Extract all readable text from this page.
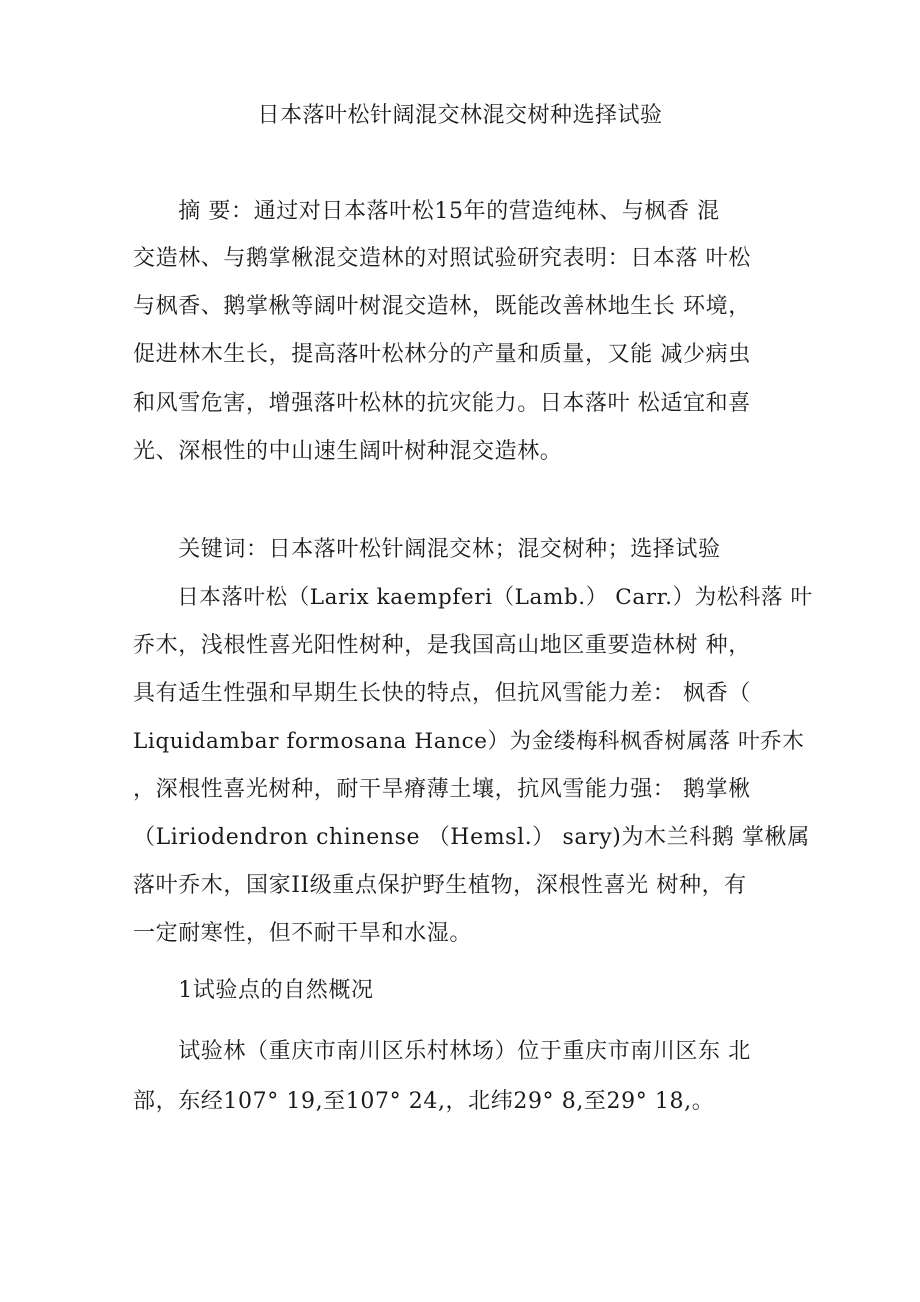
日本落叶松针阔混交林混交树种选择试验
　　摘 要：通过对日本落叶松15年的营造纯林、与枫香 混
交造林、与鹅掌楸混交造林的对照试验研究表明：日本落 叶松
与枫香、鹅掌楸等阔叶树混交造林，既能改善林地生长 环境，
促进林木生长，提高落叶松林分的产量和质量，又能 减少病虫
和风雪危害，增强落叶松林的抗灾能力。日本落叶 松适宜和喜
光、深根性的中山速生阔叶树种混交造林。
　　关键词：日本落叶松针阔混交林；混交树种；选择试验
　　日本落叶松（Larix kaempferi（Lamb.） Carr.）为松科落 叶
乔木，浅根性喜光阳性树种，是我国高山地区重要造林树 种，
具有适生性强和早期生长快的特点，但抗风雪能力差： 枫香（
Liquidambar formosana Hance）为金缕梅科枫香树属落 叶乔木
，深根性喜光树种，耐干旱瘠薄土壤，抗风雪能力强： 鹅掌楸
（Liriodendron chinense （Hemsl.） sary)为木兰科鹅 掌楸属
落叶乔木，国家II级重点保护野生植物，深根性喜光 树种，有
一定耐寒性，但不耐干旱和水湿。
　　1试验点的自然概况
　　试验林（重庆市南川区乐村林场）位于重庆市南川区东 北
部，东经107° 19,至107° 24,，北纬29° 8,至29° 18,。
